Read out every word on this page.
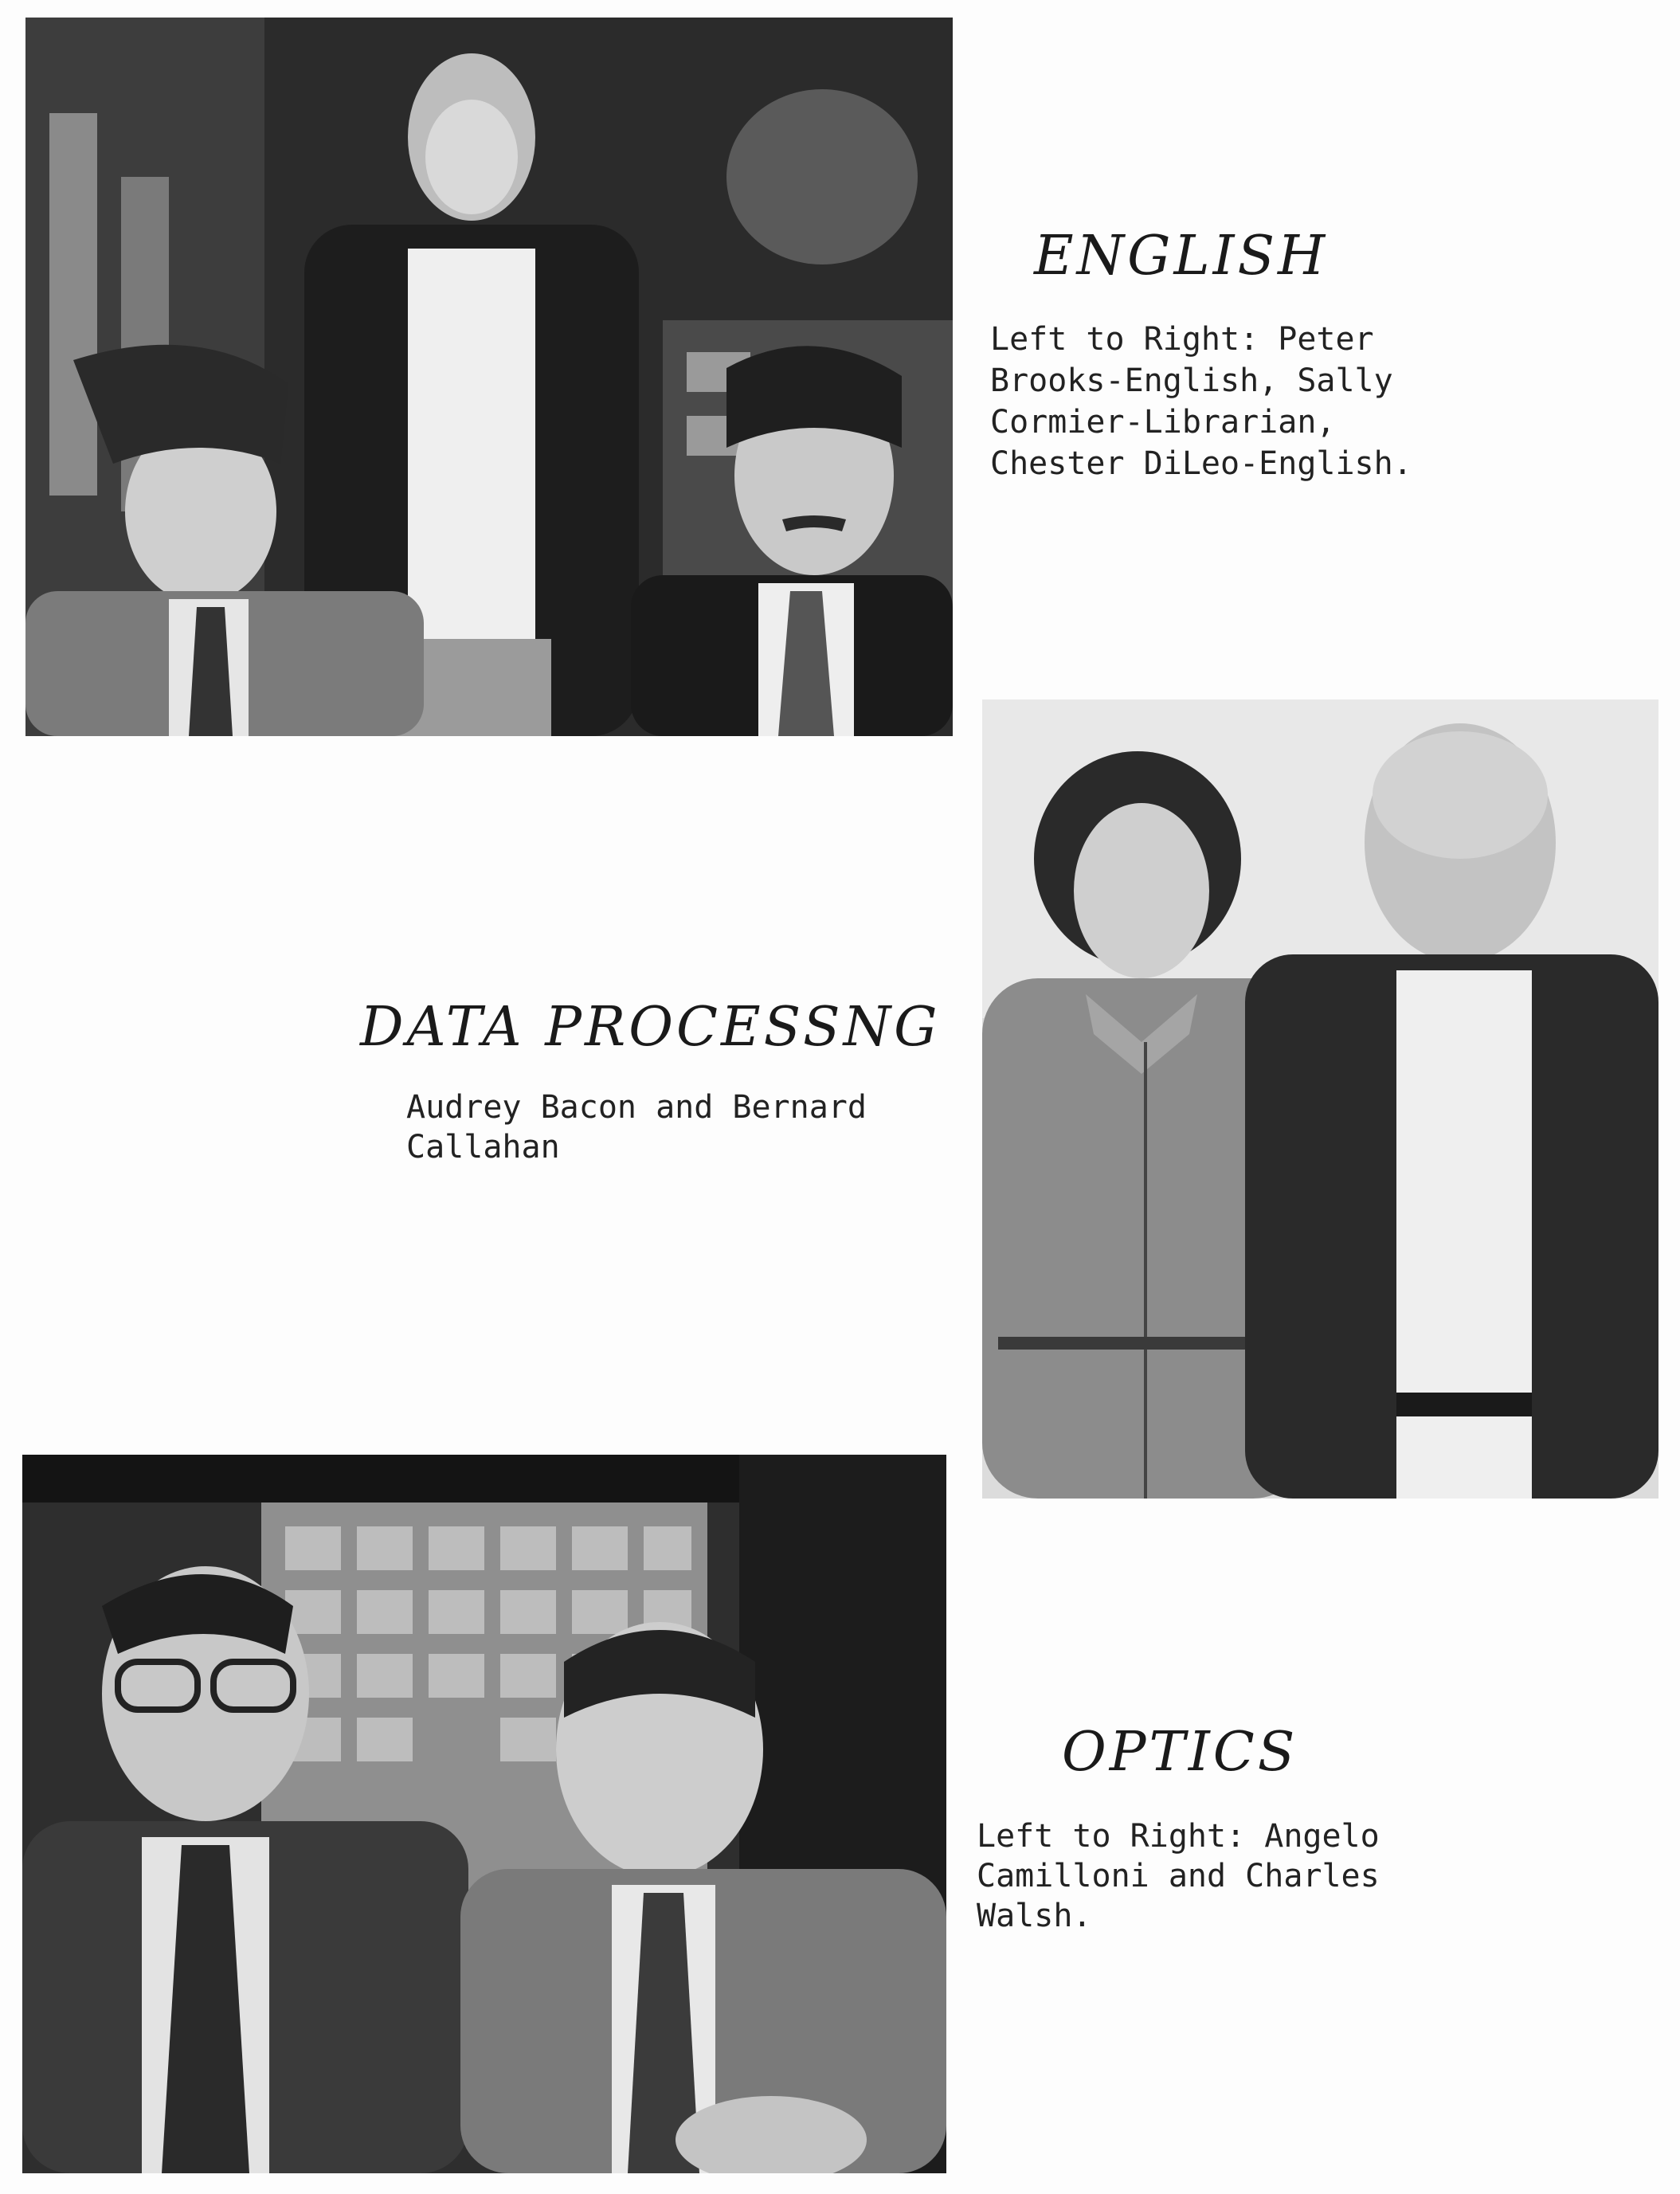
ENGLISH

Left to Right: Peter
Brooks-English, Sally
Cormier-Librarian,
Chester DiLeo-English.

DATA PROCESSNG

Audrey Bacon and Bernard
Callahan

OPTICS

Left to Right: Angelo
Camilloni and Charles
Walsh.
